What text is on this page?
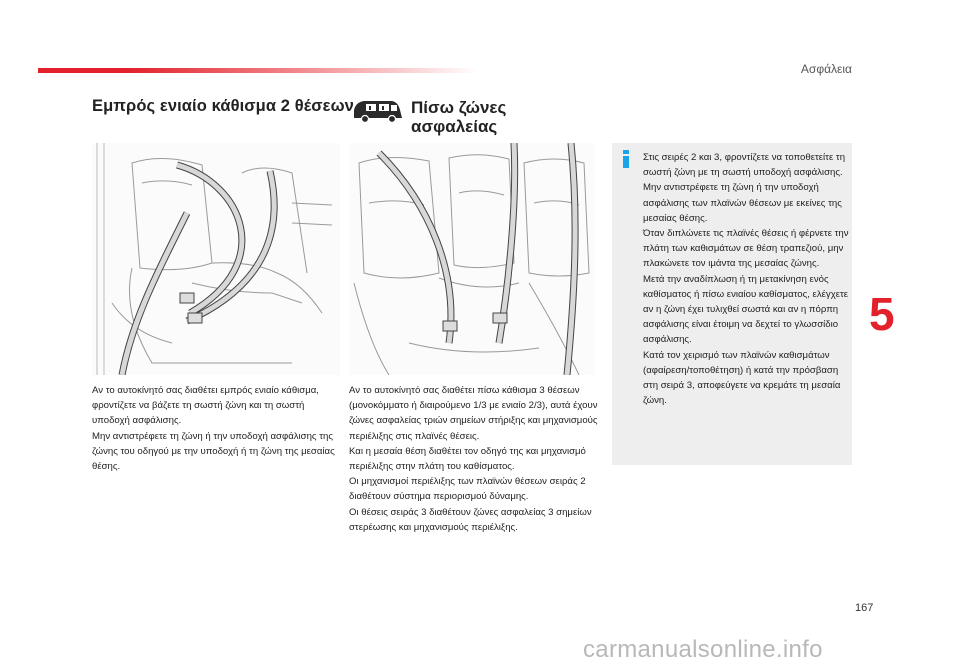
Ασφάλεια
Εμπρός ενιαίο κάθισμα 2 θέσεων
Αν το αυτοκίνητό σας διαθέτει εμπρός ενιαίο κάθισμα, φροντίζετε να βάζετε τη σωστή ζώνη και τη σωστή υποδοχή ασφάλισης.
Μην αντιστρέφετε τη ζώνη ή την υποδοχή ασφάλισης της ζώνης του οδηγού με την υποδοχή ή τη ζώνη της μεσαίας θέσης.
Πίσω ζώνες
ασφαλείας
Αν το αυτοκίνητό σας διαθέτει πίσω κάθισμα 3 θέσεων (μονοκόμματο ή διαιρούμενο 1/3 με ενιαίο 2/3), αυτά έχουν ζώνες ασφαλείας τριών σημείων στήριξης και μηχανισμούς περιέλιξης στις πλαϊνές θέσεις.
Και η μεσαία θέση διαθέτει τον οδηγό της και μηχανισμό περιέλιξης στην πλάτη του καθίσματος.
Οι μηχανισμοί περιέλιξης των πλαϊνών θέσεων σειράς 2 διαθέτουν σύστημα περιορισμού δύναμης.
Οι θέσεις σειράς 3 διαθέτουν ζώνες ασφαλείας 3 σημείων στερέωσης και μηχανισμούς περιέλιξης.
Στις σειρές 2 και 3, φροντίζετε να τοποθετείτε τη σωστή ζώνη με τη σωστή υποδοχή ασφάλισης.
Μην αντιστρέφετε τη ζώνη ή την υποδοχή ασφάλισης των πλαϊνών θέσεων με εκείνες της μεσαίας θέσης.
Όταν διπλώνετε τις πλαϊνές θέσεις ή φέρνετε την πλάτη των καθισμάτων σε θέση τραπεζιού, μην πλακώνετε τον ιμάντα της μεσαίας ζώνης.
Μετά την αναδίπλωση ή τη μετακίνηση ενός καθίσματος ή πίσω ενιαίου καθίσματος, ελέγχετε αν η ζώνη έχει τυλιχθεί σωστά και αν η πόρπη ασφάλισης είναι έτοιμη να δεχτεί το γλωσσίδιο ασφάλισης.
Κατά τον χειρισμό των πλαϊνών καθισμάτων (αφαίρεση/τοποθέτηση) ή κατά την πρόσβαση στη σειρά 3, αποφεύγετε να κρεμάτε τη μεσαία ζώνη.
5
167
carmanualsonline.info
